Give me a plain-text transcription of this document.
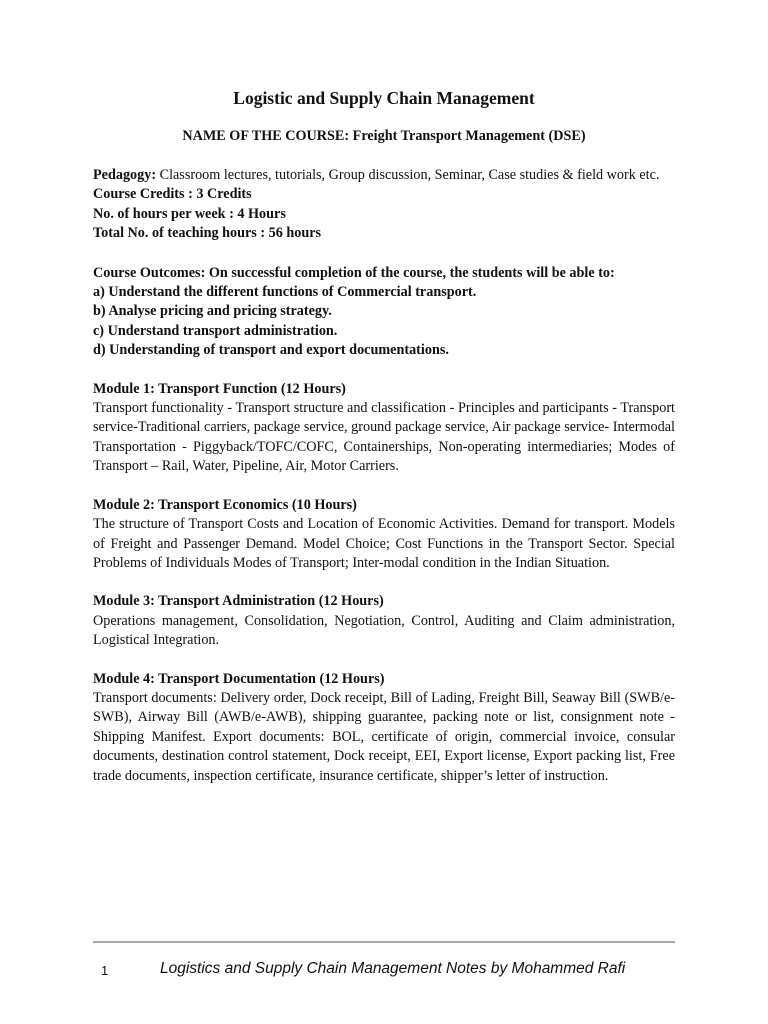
Logistic and Supply Chain Management

NAME OF THE COURSE: Freight Transport Management (DSE)

Pedagogy: Classroom lectures, tutorials, Group discussion, Seminar, Case studies & field work etc.

Course Credits : 3 Credits

No. of hours per week : 4 Hours

Total No. of teaching hours : 56 hours

Course Outcomes: On successful completion of the course, the students will be able to:

a) Understand the different functions of Commercial transport.

b) Analyse pricing and pricing strategy.

c) Understand transport administration.

d) Understanding of transport and export documentations.

Module 1: Transport Function (12 Hours)

Transport functionality - Transport structure and classification - Principles and participants - Transport service-Traditional carriers, package service, ground package service, Air package service- Intermodal Transportation - Piggyback/TOFC/COFC, Containerships, Non-operating intermediaries; Modes of Transport – Rail, Water, Pipeline, Air, Motor Carriers.

Module 2: Transport Economics (10 Hours)

The structure of Transport Costs and Location of Economic Activities. Demand for transport. Models of Freight and Passenger Demand. Model Choice; Cost Functions in the Transport Sector. Special Problems of Individuals Modes of Transport; Inter-modal condition in the Indian Situation.

Module 3: Transport Administration (12 Hours)

Operations management, Consolidation, Negotiation, Control, Auditing and Claim administration, Logistical Integration.

Module 4: Transport Documentation (12 Hours)

Transport documents: Delivery order, Dock receipt, Bill of Lading, Freight Bill, Seaway Bill (SWB/e-SWB), Airway Bill (AWB/e-AWB), shipping guarantee, packing note or list, consignment note - Shipping Manifest. Export documents: BOL, certificate of origin, commercial invoice, consular documents, destination control statement, Dock receipt, EEI, Export license, Export packing list, Free trade documents, inspection certificate, insurance certificate, shipper’s letter of instruction.

1	Logistics and Supply Chain Management Notes by Mohammed Rafi
